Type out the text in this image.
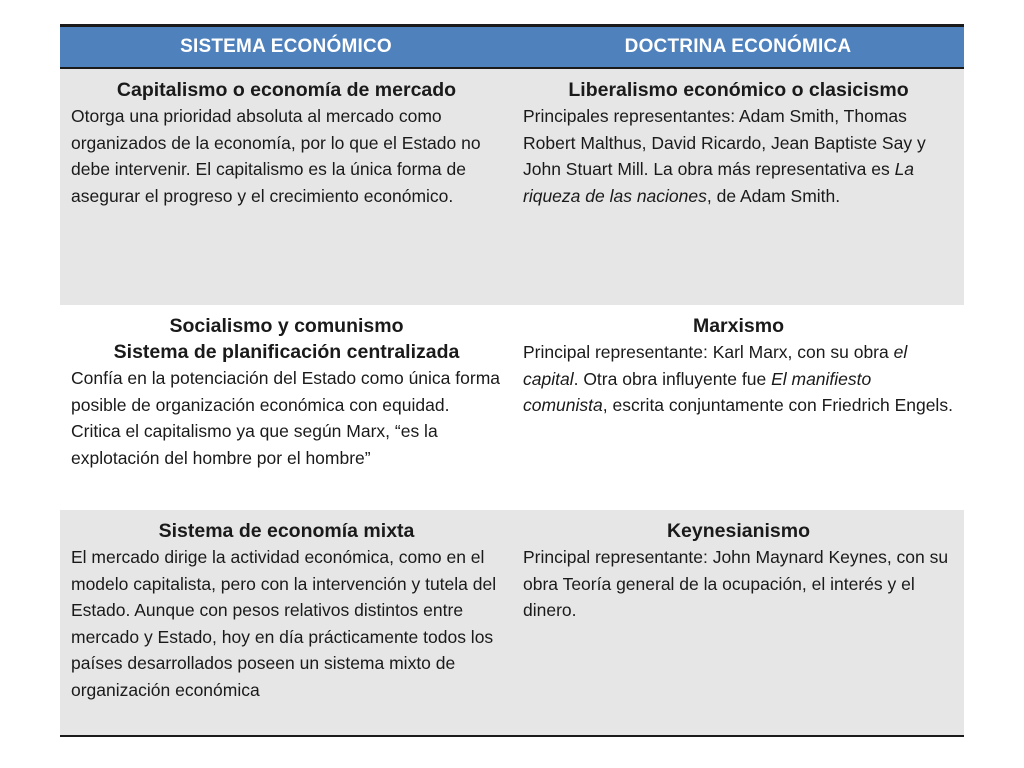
SISTEMA ECONÓMICO	DOCTRINA ECONÓMICA
Capitalismo o economía de mercado
Otorga una prioridad absoluta al mercado como organizados de la economía, por lo que el Estado no debe intervenir. El capitalismo es la única forma de asegurar el progreso y el crecimiento económico.
Liberalismo económico o clasicismo
Principales representantes: Adam Smith, Thomas Robert Malthus, David Ricardo, Jean Baptiste Say y John Stuart Mill. La obra más representativa es La riqueza de las naciones, de Adam Smith.
Socialismo y comunismo
Sistema de planificación centralizada
Confía en la potenciación del Estado como única forma posible de organización económica con equidad. Critica el capitalismo ya que según Marx, “es la explotación del hombre por el hombre”
Marxismo
Principal representante: Karl Marx, con su obra el capital. Otra obra influyente fue El manifiesto comunista, escrita conjuntamente con Friedrich Engels.
Sistema de economía mixta
El mercado dirige la actividad económica, como en el modelo capitalista, pero con la intervención y tutela del Estado. Aunque con pesos relativos distintos entre mercado y Estado, hoy en día prácticamente todos los países desarrollados poseen un sistema mixto de organización económica
Keynesianismo
Principal representante: John Maynard Keynes, con su obra Teoría general de la ocupación, el interés y el dinero.
